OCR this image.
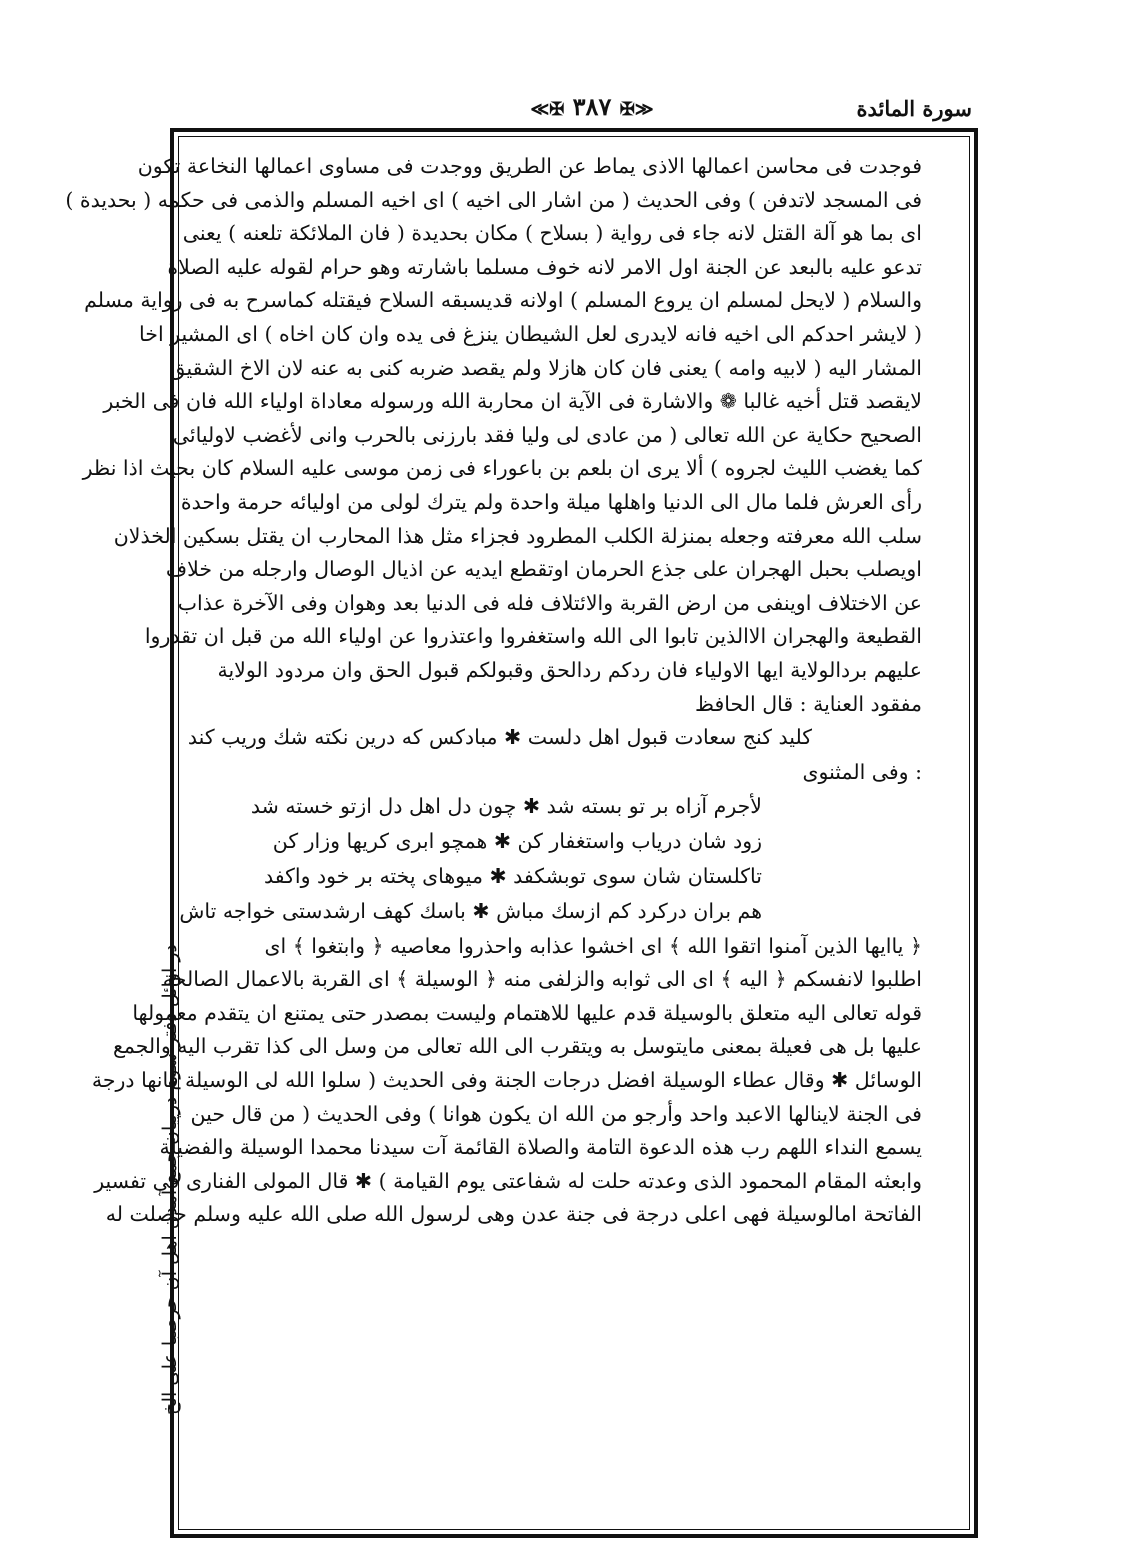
سورة المائدة
≪✠ ٣٨٧ ✠≫
در اوائل دفتر سوم درپیان جمع آمدن اهل آن حرصبا علی الخ
فوجدت فى محاسن اعمالها الاذى يماط عن الطريق ووجدت فى مساوى اعمالها النخاعة تكون
فى المسجد لاتدفن ) وفى الحديث ( من اشار الى اخيه ) اى اخيه المسلم والذمى فى حكمه ( بحديدة )
اى بما هو آلة القتل لانه جاء فى رواية ( بسلاح ) مكان بحديدة ( فان الملائكة تلعنه ) يعنى
تدعو عليه بالبعد عن الجنة اول الامر لانه خوف مسلما باشارته وهو حرام لقوله عليه الصلاة
والسلام ( لايحل لمسلم ان يروع المسلم ) اولانه قديسبقه السلاح فيقتله كماسرح به فى رواية مسلم
( لايشر احدكم الى اخيه فانه لايدرى لعل الشيطان ينزغ فى يده وان كان اخاه ) اى المشير اخا
المشار اليه ( لابيه وامه ) يعنى فان كان هازلا ولم يقصد ضربه كنى به عنه لان الاخ الشقيق
لايقصد قتل أخيه غالبا ❁ والاشارة فى الآية ان محاربة الله ورسوله معاداة اولياء الله فان فى الخبر
الصحيح حكاية عن الله تعالى ( من عادى لى وليا فقد بارزنى بالحرب وانى لأغضب لاوليائى
كما يغضب الليث لجروه ) ألا يرى ان بلعم بن باعوراء فى زمن موسى عليه السلام كان بحيث اذا نظر
رأى العرش فلما مال الى الدنيا واهلها ميلة واحدة ولم يترك لولى من اوليائه حرمة واحدة
سلب الله معرفته وجعله بمنزلة الكلب المطرود فجزاء مثل هذا المحارب ان يقتل بسكين الخذلان
اويصلب بحبل الهجران على جذع الحرمان اوتقطع ايديه عن اذيال الوصال وارجله من خلاف
عن الاختلاف اوينفى من ارض القربة والائتلاف فله فى الدنيا بعد وهوان وفى الآخرة عذاب
القطيعة والهجران الاالذين تابوا الى الله واستغفروا واعتذروا عن اولياء الله من قبل ان تقدروا
عليهم بردالولاية ايها الاولياء فان ردكم ردالحق وقبولكم قبول الحق وان مردود الولاية
مفقود العناية : قال الحافظ
كليد كنج سعادت قبول اهل دلست ✱ مبادكس كه درين نكته شك وريب كند
: وفى المثنوى
لأجرم آزاه بر تو بسته شد ✱ چون دل اهل دل ازتو خسته شد
زود شان درياب واستغفار كن ✱ همچو ابرى كريها وزار كن
تاكلستان شان سوى توبشكفد ✱ ميوهاى پخته بر خود واكفد
هم بران دركرد كم ازسك مباش ✱ باسك كهف ارشدستى خواجه تاش
﴿ ياايها الذين آمنوا اتقوا الله ﴾ اى اخشوا عذابه واحذروا معاصيه ﴿ وابتغوا ﴾ اى
اطلبوا لانفسكم ﴿ اليه ﴾ اى الى ثوابه والزلفى منه ﴿ الوسيلة ﴾ اى القربة بالاعمال الصالحة
قوله تعالى اليه متعلق بالوسيلة قدم عليها للاهتمام وليست بمصدر حتى يمتنع ان يتقدم معمولها
عليها بل هى فعيلة بمعنى مايتوسل به ويتقرب الى الله تعالى من وسل الى كذا تقرب اليه والجمع
الوسائل ✱ وقال عطاء الوسيلة افضل درجات الجنة وفى الحديث ( سلوا الله لى الوسيلة فانها درجة
فى الجنة لاينالها الاعبد واحد وأرجو من الله ان يكون هوانا ) وفى الحديث ( من قال حين
يسمع النداء اللهم رب هذه الدعوة التامة والصلاة القائمة آت سيدنا محمدا الوسيلة والفضيلة
وابعثه المقام المحمود الذى وعدته حلت له شفاعتى يوم القيامة ) ✱ قال المولى الفنارى فى تفسير
الفاتحة امالوسيلة فهى اعلى درجة فى جنة عدن وهى لرسول الله صلى الله عليه وسلم حصلت له
